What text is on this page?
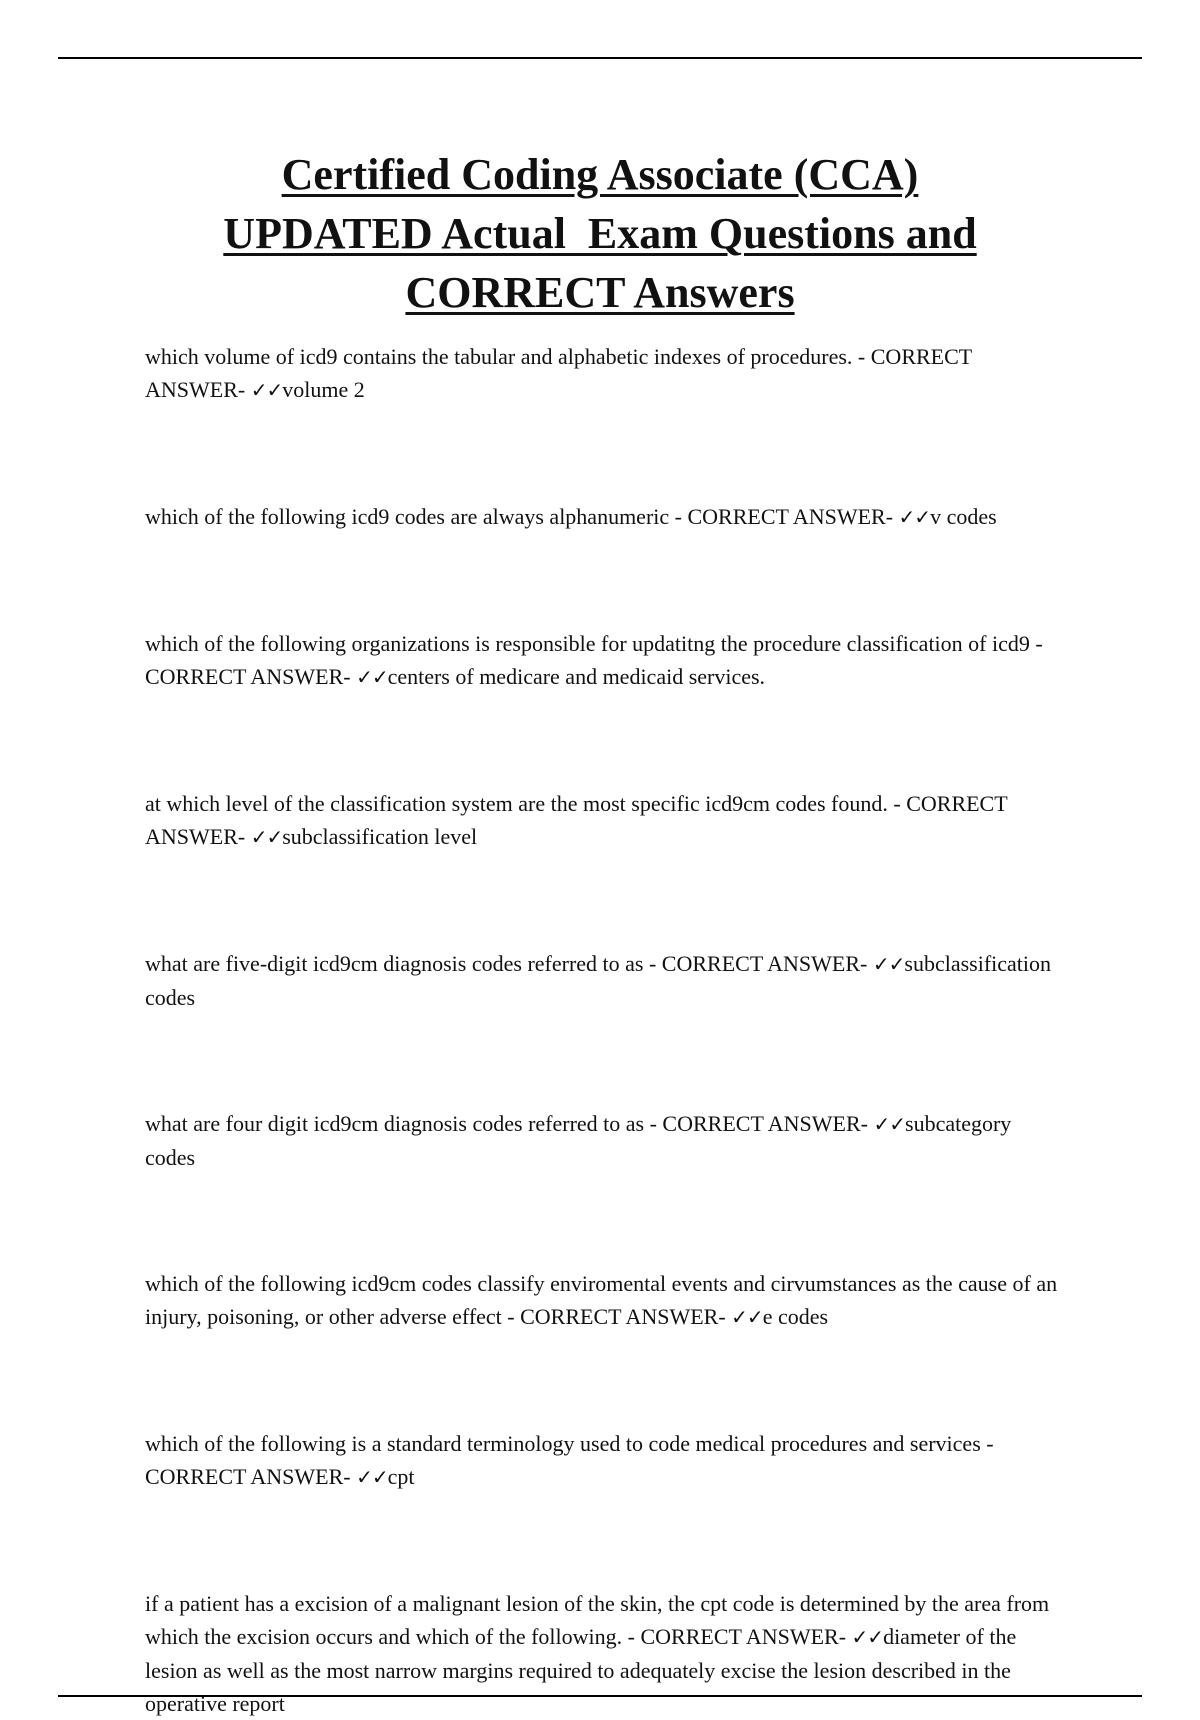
Certified Coding Associate (CCA)
UPDATED Actual  Exam Questions and
CORRECT Answers
which volume of icd9 contains the tabular and alphabetic indexes of procedures. - CORRECT ANSWER- ✓✓volume 2
which of the following icd9 codes are always alphanumeric - CORRECT ANSWER- ✓✓v codes
which of the following organizations is responsible for updatitng the procedure classification of icd9 - CORRECT ANSWER- ✓✓centers of medicare and medicaid services.
at which level of the classification system are the most specific icd9cm codes found. - CORRECT ANSWER- ✓✓subclassification level
what are five-digit icd9cm diagnosis codes referred to as - CORRECT ANSWER- ✓✓subclassification codes
what are four digit icd9cm diagnosis codes referred to as - CORRECT ANSWER- ✓✓subcategory codes
which of the following icd9cm codes classify enviromental events and cirvumstances as the cause of an injury, poisoning, or other adverse effect - CORRECT ANSWER- ✓✓e codes
which of the following is a standard terminology used to code medical procedures and services - CORRECT ANSWER- ✓✓cpt
if a patient has a excision of a malignant lesion of the skin, the cpt code is determined by the area from which the excision occurs and which of the following. - CORRECT ANSWER- ✓✓diameter of the lesion as well as the most narrow margins required to adequately excise the lesion described in the operative report
